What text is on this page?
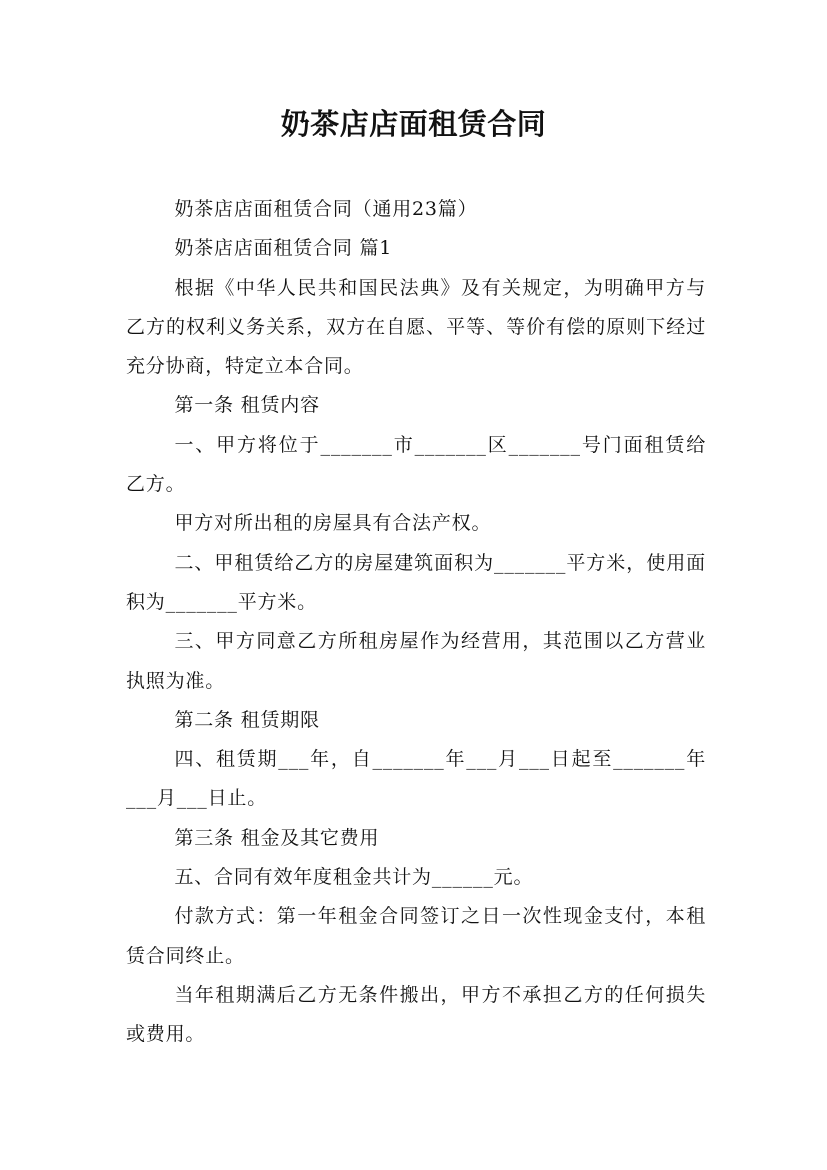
奶茶店店面租赁合同

奶茶店店面租赁合同（通用23篇）

奶茶店店面租赁合同 篇1

根据《中华人民共和国民法典》及有关规定，为明确甲方与乙方的权利义务关系，双方在自愿、平等、等价有偿的原则下经过充分协商，特定立本合同。

第一条 租赁内容

一、甲方将位于_______市_______区_______号门面租赁给乙方。

甲方对所出租的房屋具有合法产权。

二、甲租赁给乙方的房屋建筑面积为_______平方米，使用面积为_______平方米。

三、甲方同意乙方所租房屋作为经营用，其范围以乙方营业执照为准。

第二条 租赁期限

四、租赁期___年，自_______年___月___日起至_______年___月___日止。

第三条 租金及其它费用

五、合同有效年度租金共计为______元。

付款方式：第一年租金合同签订之日一次性现金支付，本租赁合同终止。

当年租期满后乙方无条件搬出，甲方不承担乙方的任何损失或费用。
